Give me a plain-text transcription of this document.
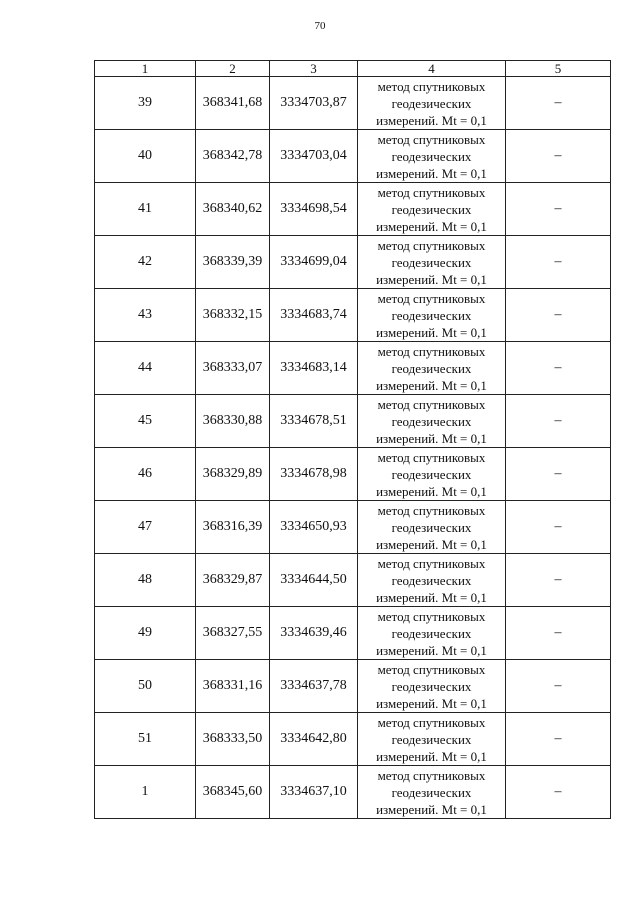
70
1	2	3	4	5
39	368341,68	3334703,87	метод спутниковых
геодезических
измерений. Mt = 0,1	–
40	368342,78	3334703,04	метод спутниковых
геодезических
измерений. Mt = 0,1	–
41	368340,62	3334698,54	метод спутниковых
геодезических
измерений. Mt = 0,1	–
42	368339,39	3334699,04	метод спутниковых
геодезических
измерений. Mt = 0,1	–
43	368332,15	3334683,74	метод спутниковых
геодезических
измерений. Mt = 0,1	–
44	368333,07	3334683,14	метод спутниковых
геодезических
измерений. Mt = 0,1	–
45	368330,88	3334678,51	метод спутниковых
геодезических
измерений. Mt = 0,1	–
46	368329,89	3334678,98	метод спутниковых
геодезических
измерений. Mt = 0,1	–
47	368316,39	3334650,93	метод спутниковых
геодезических
измерений. Mt = 0,1	–
48	368329,87	3334644,50	метод спутниковых
геодезических
измерений. Mt = 0,1	–
49	368327,55	3334639,46	метод спутниковых
геодезических
измерений. Mt = 0,1	–
50	368331,16	3334637,78	метод спутниковых
геодезических
измерений. Mt = 0,1	–
51	368333,50	3334642,80	метод спутниковых
геодезических
измерений. Mt = 0,1	–
1	368345,60	3334637,10	метод спутниковых
геодезических
измерений. Mt = 0,1	–
